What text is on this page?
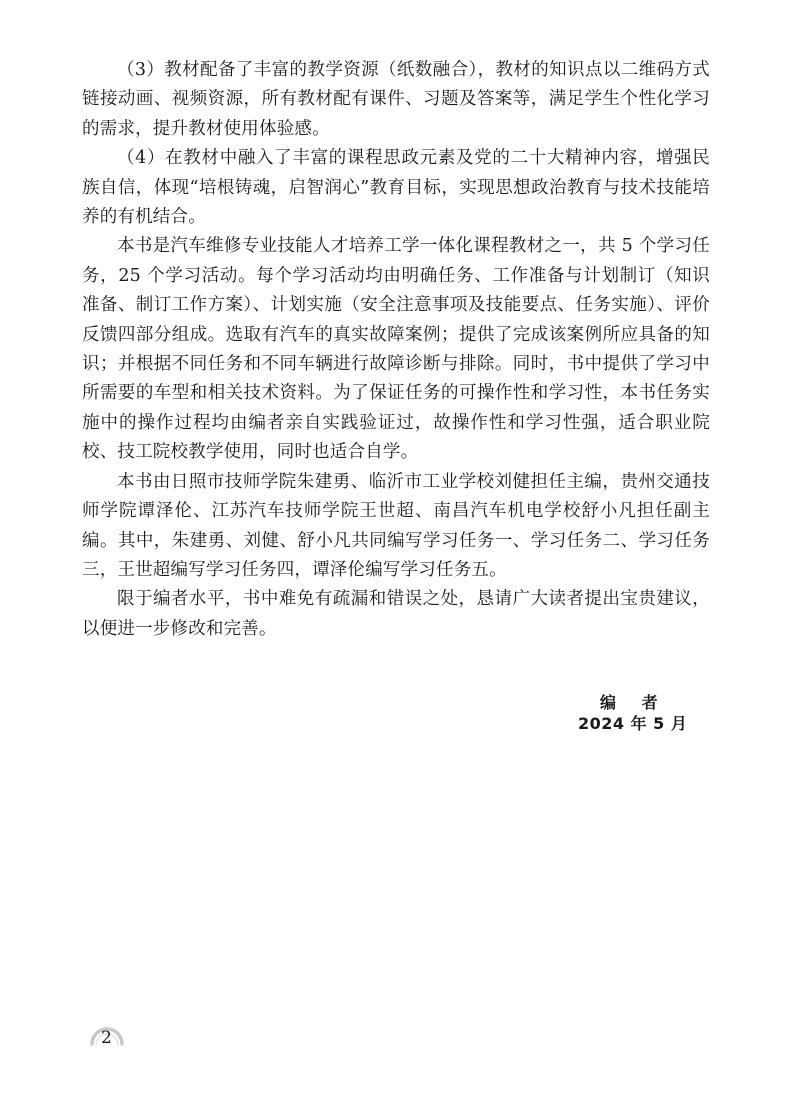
（3）教材配备了丰富的教学资源（纸数融合），教材的知识点以二维码方式链接动画、视频资源，所有教材配有课件、习题及答案等，满足学生个性化学习的需求，提升教材使用体验感。

（4）在教材中融入了丰富的课程思政元素及党的二十大精神内容，增强民族自信，体现“培根铸魂，启智润心”教育目标，实现思想政治教育与技术技能培养的有机结合。

本书是汽车维修专业技能人才培养工学一体化课程教材之一，共 5 个学习任务，25 个学习活动。每个学习活动均由明确任务、工作准备与计划制订（知识准备、制订工作方案）、计划实施（安全注意事项及技能要点、任务实施）、评价反馈四部分组成。选取有汽车的真实故障案例；提供了完成该案例所应具备的知识；并根据不同任务和不同车辆进行故障诊断与排除。同时，书中提供了学习中所需要的车型和相关技术资料。为了保证任务的可操作性和学习性，本书任务实施中的操作过程均由编者亲自实践验证过，故操作性和学习性强，适合职业院校、技工院校教学使用，同时也适合自学。

本书由日照市技师学院朱建勇、临沂市工业学校刘健担任主编，贵州交通技师学院谭泽伦、江苏汽车技师学院王世超、南昌汽车机电学校舒小凡担任副主编。其中，朱建勇、刘健、舒小凡共同编写学习任务一、学习任务二、学习任务三，王世超编写学习任务四，谭泽伦编写学习任务五。

限于编者水平，书中难免有疏漏和错误之处，恳请广大读者提出宝贵建议，以便进一步修改和完善。

编 者
2024 年 5 月
2
